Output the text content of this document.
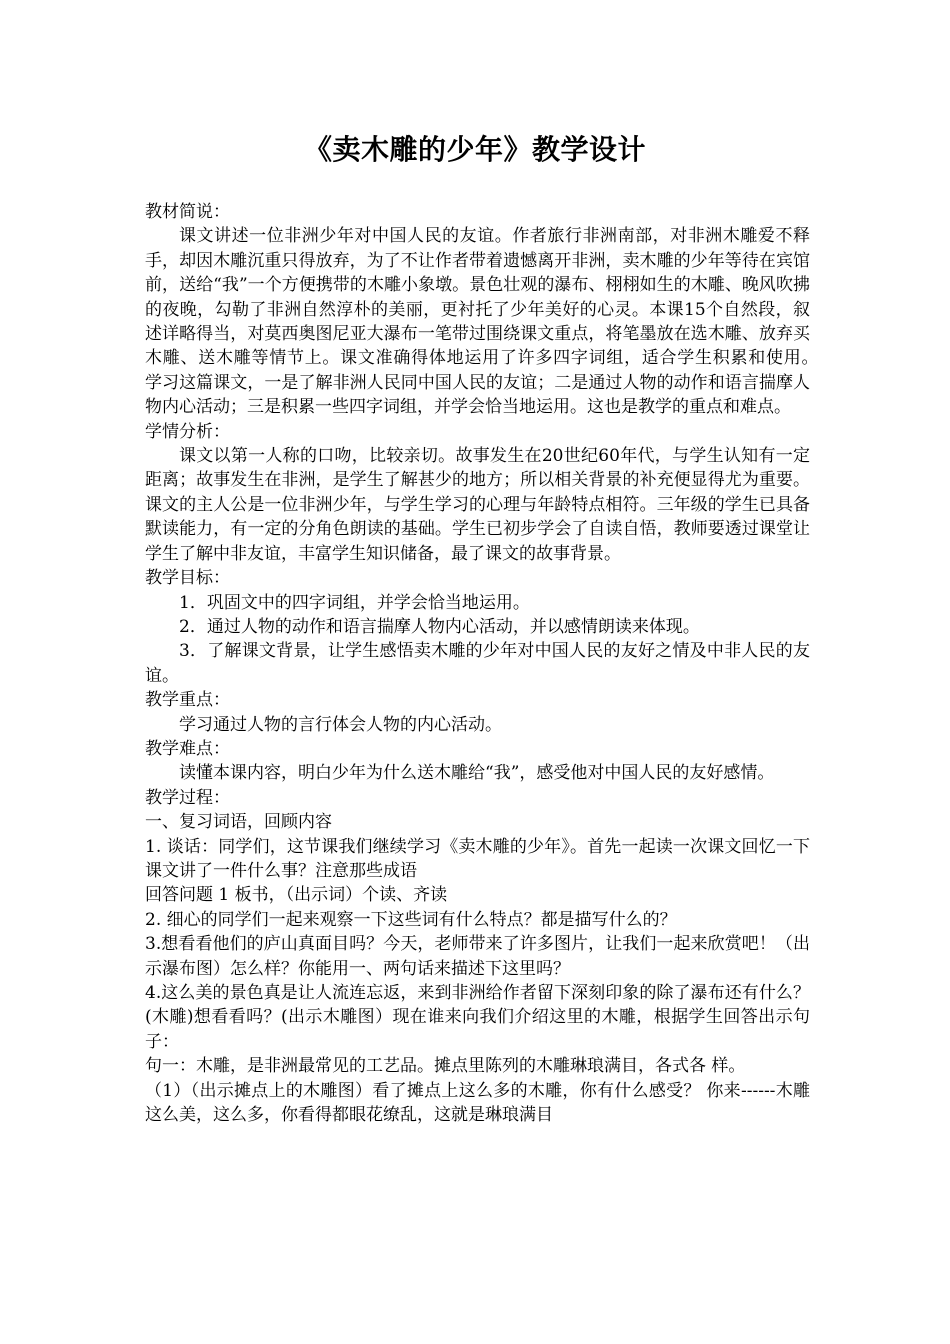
《卖木雕的少年》教学设计

教材简说：

课文讲述一位非洲少年对中国人民的友谊。作者旅行非洲南部，对非洲木雕爱不释手，却因木雕沉重只得放弃，为了不让作者带着遗憾离开非洲，卖木雕的少年等待在宾馆前，送给“我”一个方便携带的木雕小象墩。景色壮观的瀑布、栩栩如生的木雕、晚风吹拂的夜晚，勾勒了非洲自然淳朴的美丽，更衬托了少年美好的心灵。本课15个自然段，叙述详略得当，对莫西奥图尼亚大瀑布一笔带过围绕课文重点，将笔墨放在选木雕、放弃买木雕、送木雕等情节上。课文准确得体地运用了许多四字词组，适合学生积累和使用。　　学习这篇课文，一是了解非洲人民同中国人民的友谊；二是通过人物的动作和语言揣摩人物内心活动；三是积累一些四字词组，并学会恰当地运用。这也是教学的重点和难点。

学情分析：

课文以第一人称的口吻，比较亲切。故事发生在20世纪60年代，与学生认知有一定距离；故事发生在非洲，是学生了解甚少的地方；所以相关背景的补充便显得尤为重要。课文的主人公是一位非洲少年，与学生学习的心理与年龄特点相符。三年级的学生已具备默读能力，有一定的分角色朗读的基础。学生已初步学会了自读自悟，教师要透过课堂让学生了解中非友谊，丰富学生知识储备，最了课文的故事背景。

教学目标：

1．巩固文中的四字词组，并学会恰当地运用。

2．通过人物的动作和语言揣摩人物内心活动，并以感情朗读来体现。

3．了解课文背景，让学生感悟卖木雕的少年对中国人民的友好之情及中非人民的友谊。

教学重点：

学习通过人物的言行体会人物的内心活动。

教学难点：

读懂本课内容，明白少年为什么送木雕给“我”，感受他对中国人民的友好感情。

教学过程：

一、复习词语，回顾内容

1. 谈话：同学们，这节课我们继续学习《卖木雕的少年》。首先一起读一次课文回忆一下课文讲了一件什么事？注意那些成语

回答问题 1 板书，（出示词）个读、齐读

2. 细心的同学们一起来观察一下这些词有什么特点？都是描写什么的？

3.想看看他们的庐山真面目吗？今天，老师带来了许多图片，让我们一起来欣赏吧！（出示瀑布图）怎么样？你能用一、两句话来描述下这里吗？

4.这么美的景色真是让人流连忘返，来到非洲给作者留下深刻印象的除了瀑布还有什么？(木雕)想看看吗？(出示木雕图）现在谁来向我们介绍这里的木雕，根据学生回答出示句子：

句一：木雕，是非洲最常见的工艺品。摊点里陈列的木雕琳琅满目，各式各 样。

（1）（出示摊点上的木雕图）看了摊点上这么多的木雕，你有什么感受？ 你来------木雕这么美，这么多，你看得都眼花缭乱，这就是琳琅满目
